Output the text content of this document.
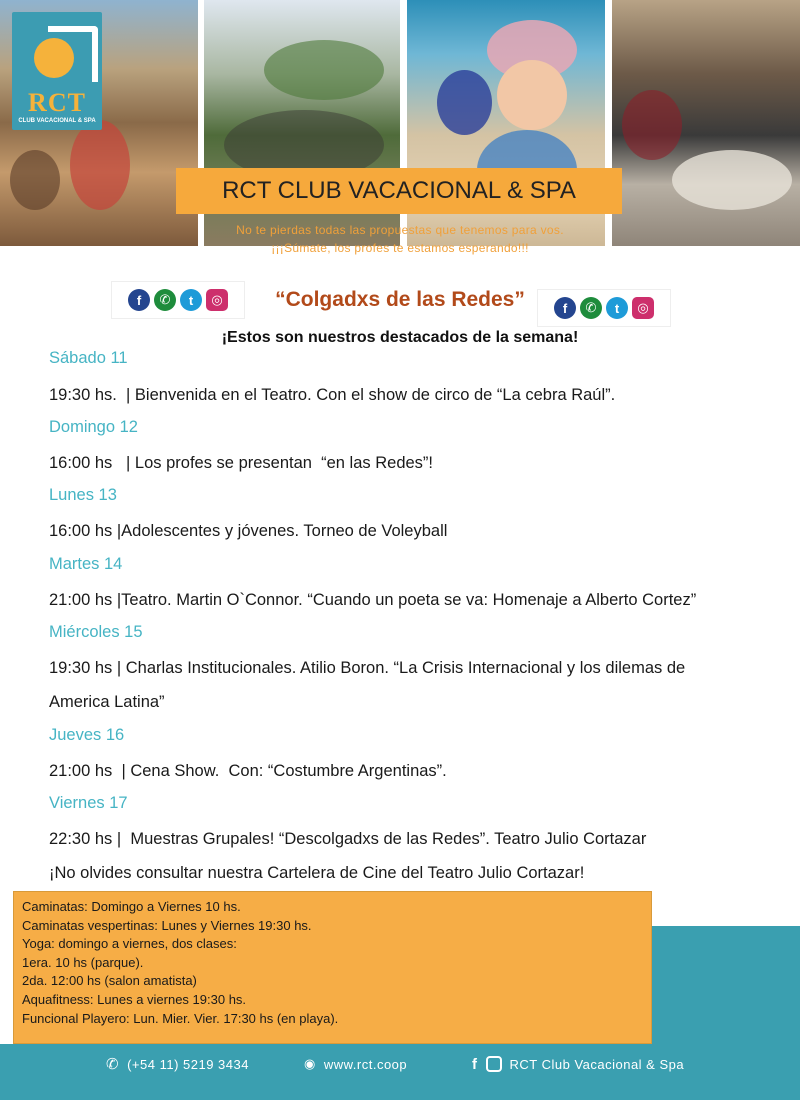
RCT
CLUB VACACIONAL & SPA
RCT CLUB VACACIONAL & SPA
No te pierdas todas las propuestas que tenemos para vos.
¡¡¡Súmate, los profes te estamos esperando!!!
f	✆	t	◎
f	✆	t	◎
“Colgadxs de las Redes”
¡Estos son nuestros destacados de la semana!
Sábado 11
19:30 hs.  | Bienvenida en el Teatro. Con el show de circo de “La cebra Raúl”.
Domingo 12
16:00 hs   | Los profes se presentan  “en las Redes”!
Lunes 13
16:00 hs |Adolescentes y jóvenes. Torneo de Voleyball
Martes 14
21:00 hs |Teatro. Martin O`Connor. “Cuando un poeta se va: Homenaje a Alberto Cortez”
Miércoles 15
19:30 hs | Charlas Institucionales. Atilio Boron. “La Crisis Internacional y los dilemas de
America Latina”
Jueves 16
21:00 hs  | Cena Show.  Con: “Costumbre Argentinas”.
Viernes 17
22:30 hs |  Muestras Grupales! “Descolgadxs de las Redes”. Teatro Julio Cortazar
¡No olvides consultar nuestra Cartelera de Cine del Teatro Julio Cortazar!
✆ (+54 11) 5219 3434	◉ www.rct.coop	f RCT Club Vacacional & Spa
Caminatas: Domingo a Viernes 10 hs.
Caminatas vespertinas: Lunes y Viernes 19:30 hs.
Yoga: domingo a viernes, dos clases:
1era. 10 hs (parque).
2da. 12:00 hs (salon amatista)
Aquafitness: Lunes a viernes 19:30 hs.
Funcional Playero: Lun. Mier. Vier. 17:30 hs (en playa).
